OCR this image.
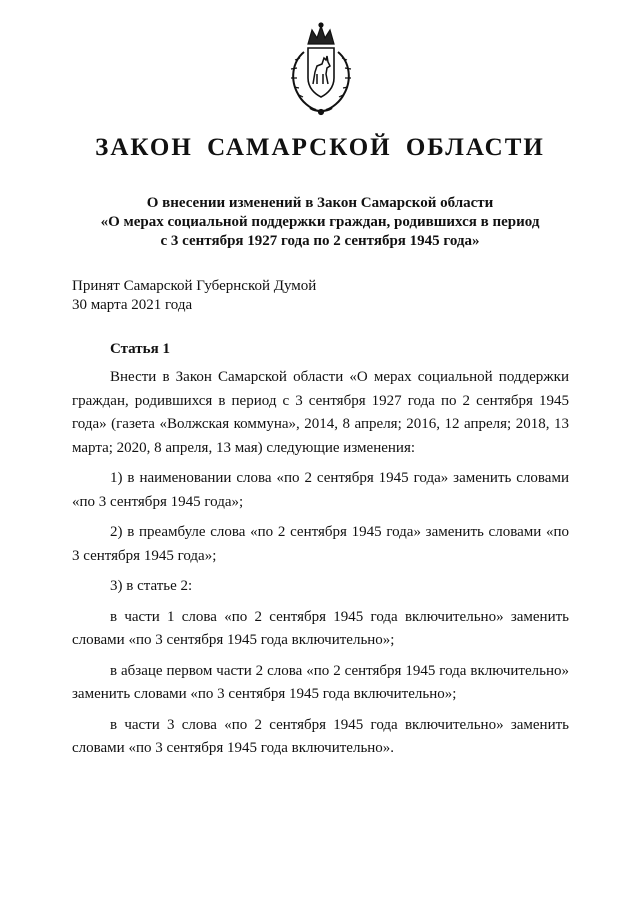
ЗАКОН САМАРСКОЙ ОБЛАСТИ
О внесении изменений в Закон Самарской области
«О мерах социальной поддержки граждан, родившихся в период
с 3 сентября 1927 года по 2 сентября 1945 года»
Принят Самарской Губернской Думой
30 марта 2021 года
Статья 1

Внести в Закон Самарской области «О мерах социальной поддержки граждан, родившихся в период с 3 сентября 1927 года по 2 сентября 1945 года» (газета «Волжская коммуна», 2014, 8 апреля; 2016, 12 апреля; 2018, 13 марта; 2020, 8 апреля, 13 мая) следующие изменения:

1) в наименовании слова «по 2 сентября 1945 года» заменить словами «по 3 сентября 1945 года»;

2) в преамбуле слова «по 2 сентября 1945 года» заменить словами «по 3 сентября 1945 года»;

3) в статье 2:

в части 1 слова «по 2 сентября 1945 года включительно» заменить словами «по 3 сентября 1945 года включительно»;

в абзаце первом части 2 слова «по 2 сентября 1945 года включительно» заменить словами «по 3 сентября 1945 года включительно»;

в части 3 слова «по 2 сентября 1945 года включительно» заменить словами «по 3 сентября 1945 года включительно».
